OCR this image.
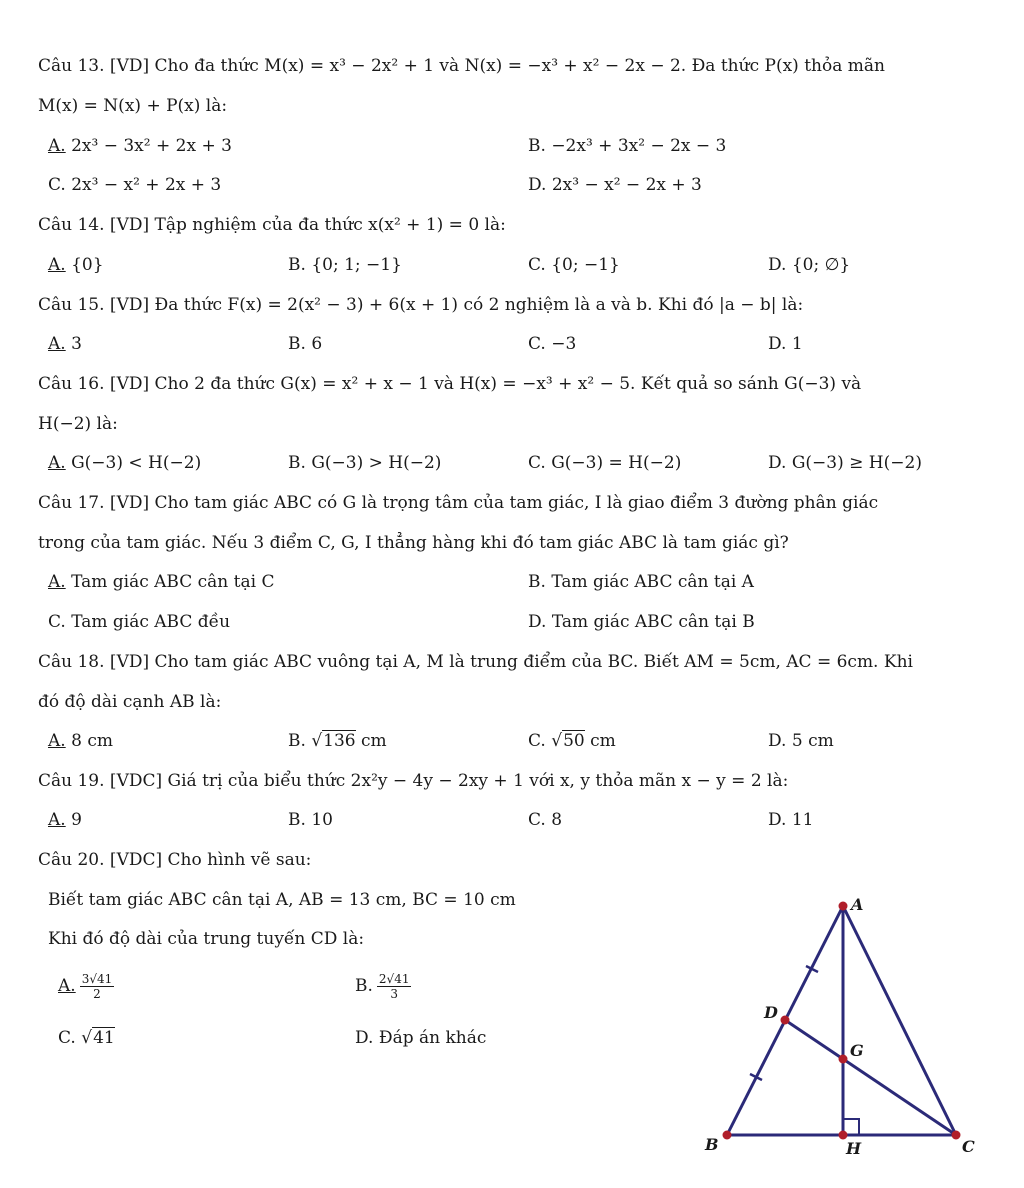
Câu 13. [VD] Cho đa thức M(x) = x³ − 2x² + 1 và N(x) = −x³ + x² − 2x − 2. Đa thức P(x) thỏa mãn
M(x) = N(x) + P(x) là:
A. 2x³ − 3x² + 2x + 3	B. −2x³ + 3x² − 2x − 3
C. 2x³ − x² + 2x + 3	D. 2x³ − x² − 2x + 3
Câu 14. [VD] Tập nghiệm của đa thức x(x² + 1) = 0 là:
A. {0}	B. {0; 1; −1}	C. {0; −1}	D. {0; ∅}
Câu 15. [VD] Đa thức F(x) = 2(x² − 3) + 6(x + 1) có 2 nghiệm là a và b. Khi đó |a − b| là:
A. 3	B. 6	C. −3	D. 1
Câu 16. [VD] Cho 2 đa thức G(x) = x² + x − 1 và H(x) = −x³ + x² − 5. Kết quả so sánh G(−3) và
H(−2) là:
A. G(−3) < H(−2)	B. G(−3) > H(−2)	C. G(−3) = H(−2)	D. G(−3) ≥ H(−2)
Câu 17. [VD] Cho tam giác ABC có G là trọng tâm của tam giác, I là giao điểm 3 đường phân giác
trong của tam giác. Nếu 3 điểm C, G, I thẳng hàng khi đó tam giác ABC là tam giác gì?
A. Tam giác ABC cân tại C	B. Tam giác ABC cân tại A
C. Tam giác ABC đều	D. Tam giác ABC cân tại B
Câu 18. [VD] Cho tam giác ABC vuông tại A, M là trung điểm của BC. Biết AM = 5cm, AC = 6cm. Khi
đó độ dài cạnh AB là:
A. 8 cm	B. √136 cm	C. √50 cm	D. 5 cm
Câu 19. [VDC] Giá trị của biểu thức 2x²y − 4y − 2xy + 1 với x, y thỏa mãn x − y = 2 là:
A. 9	B. 10	C. 8	D. 11
Câu 20. [VDC] Cho hình vẽ sau:
Biết tam giác ABC cân tại A, AB = 13 cm, BC = 10 cm
Khi đó độ dài của trung tuyến CD là:
A. $\frac{3√41}{2}$	B. $\frac{2√41}{3}$
C. √41	D. Đáp án khác
A
B	C
D
G
H
